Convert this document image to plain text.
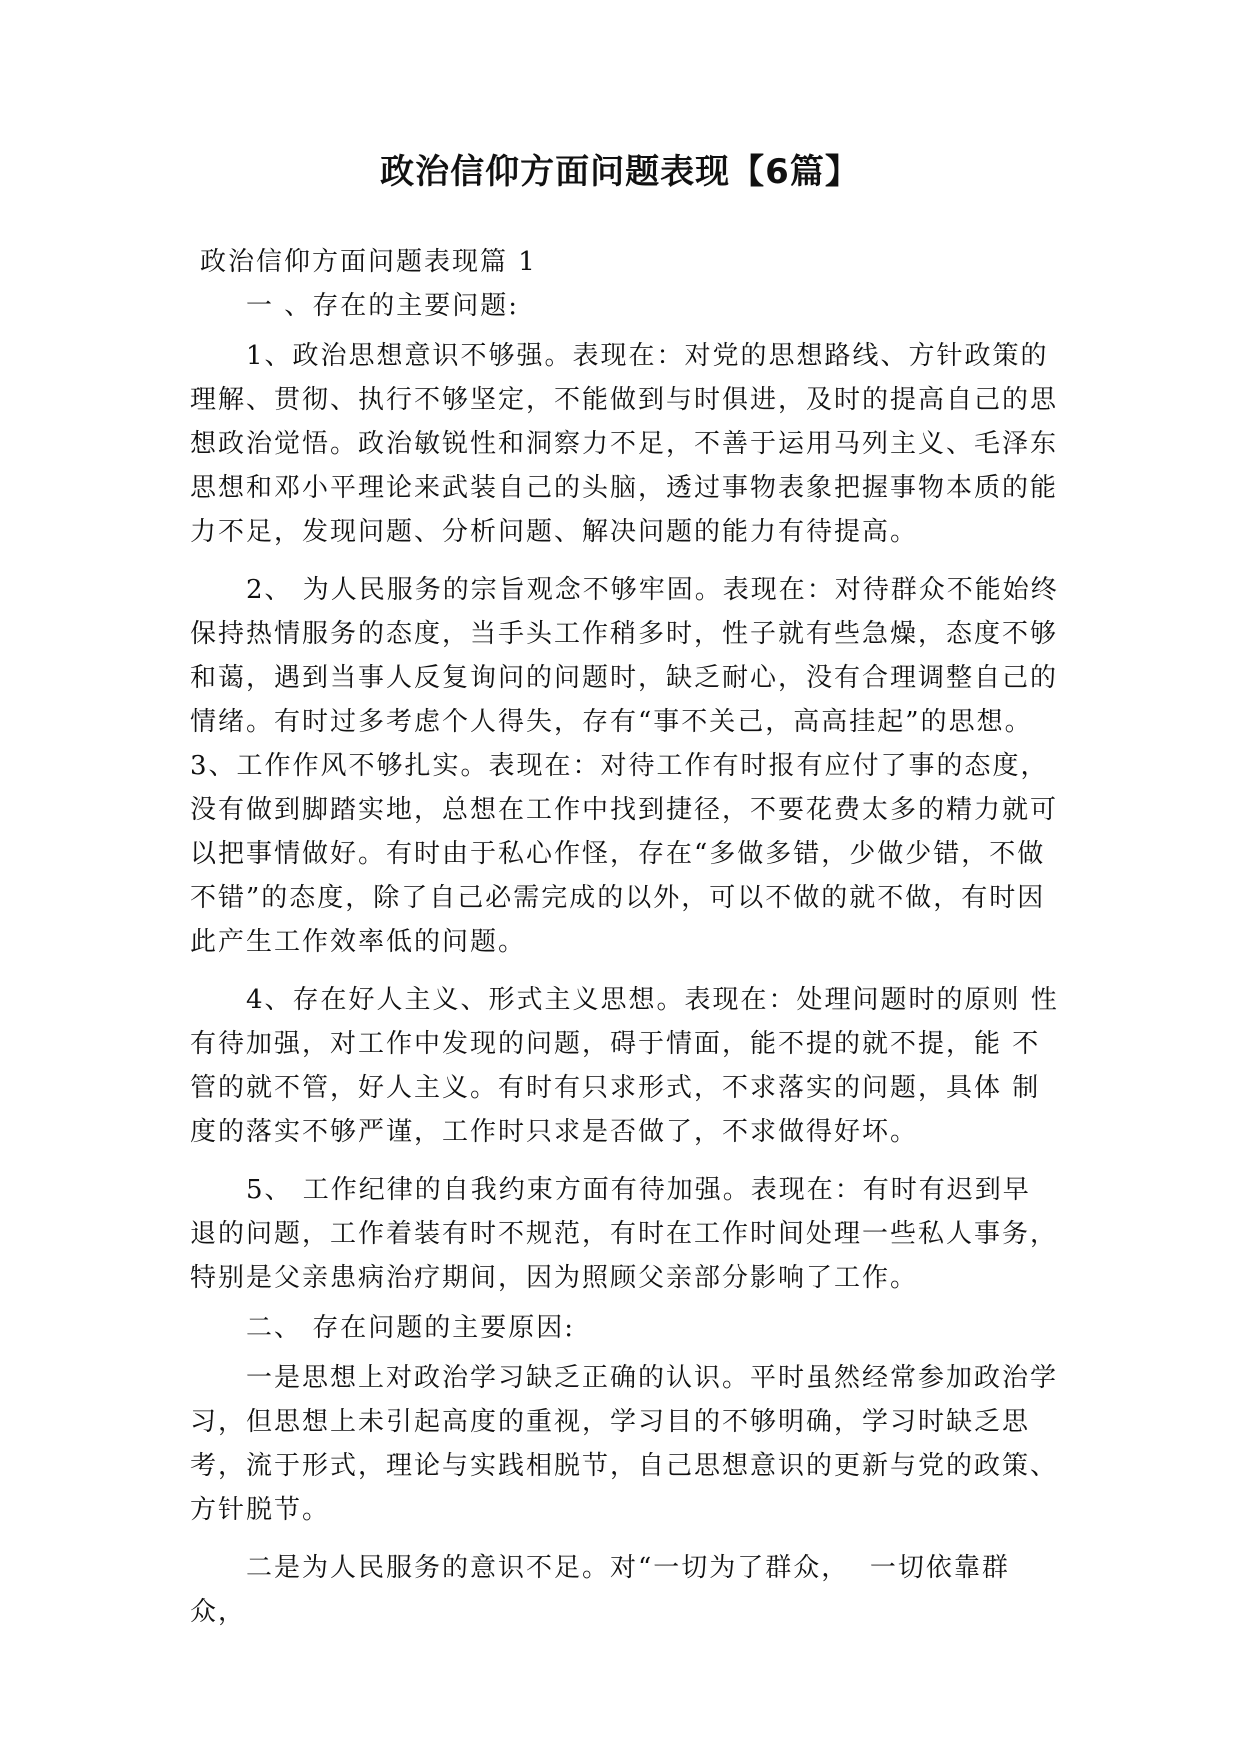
政治信仰方面问题表现【6篇】

政治信仰方面问题表现篇 1

一 、存在的主要问题:

1、政治思想意识不够强。表现在：对党的思想路线、方针政策的理解、贯彻、执行不够坚定，不能做到与时俱进，及时的提高自己的思想政治觉悟。政治敏锐性和洞察力不足，不善于运用马列主义、毛泽东思想和邓小平理论来武装自己的头脑，透过事物表象把握事物本质的能力不足，发现问题、分析问题、解决问题的能力有待提高。

2、 为人民服务的宗旨观念不够牢固。表现在：对待群众不能始终保持热情服务的态度，当手头工作稍多时，性子就有些急燥，态度不够和蔼，遇到当事人反复询问的问题时，缺乏耐心，没有合理调整自己的情绪。有时过多考虑个人得失，存有“事不关己，高高挂起”的思想。3、工作作风不够扎实。表现在：对待工作有时报有应付了事的态度，没有做到脚踏实地，总想在工作中找到捷径，不要花费太多的精力就可以把事情做好。有时由于私心作怪，存在“多做多错，少做少错，不做不错”的态度，除了自己必需完成的以外，可以不做的就不做，有时因此产生工作效率低的问题。

4、存在好人主义、形式主义思想。表现在：处理问题时的原则 性有待加强，对工作中发现的问题，碍于情面，能不提的就不提，能 不管的就不管，好人主义。有时有只求形式，不求落实的问题，具体 制度的落实不够严谨，工作时只求是否做了，不求做得好坏。

5、 工作纪律的自我约束方面有待加强。表现在：有时有迟到早 退的问题，工作着装有时不规范，有时在工作时间处理一些私人事务， 特别是父亲患病治疗期间，因为照顾父亲部分影响了工作。

二、 存在问题的主要原因:

一是思想上对政治学习缺乏正确的认识。平时虽然经常参加政治学习，但思想上未引起高度的重视，学习目的不够明确，学习时缺乏思考，流于形式，理论与实践相脱节，自己思想意识的更新与党的政策、方针脱节。

二是为人民服务的意识不足。对“一切为了群众，  一切依靠群众，
